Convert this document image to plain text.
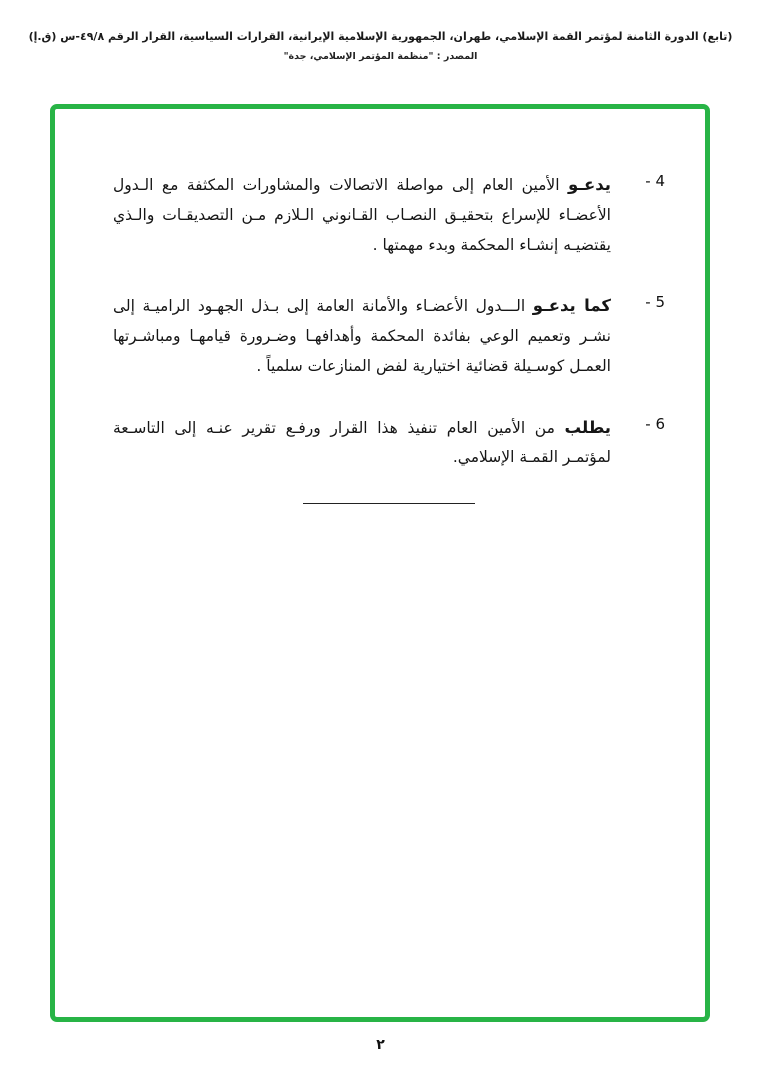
(تابع) الدورة الثامنة لمؤتمر القمة الإسلامي، طهران، الجمهورية الإسلامية الإيرانية، القرارات السياسية، القرار الرقم ٤٩/٨-س (ق.إ)
المصدر : "منظمة المؤتمر الإسلامي، جدة"
4 -

يدعـو الأمين العام إلى مواصلة الاتصالات والمشاورات المكثفة مع الـدول الأعضـاء للإسراع بتحقيـق النصـاب القـانوني الـلازم مـن التصديقـات والـذي يقتضيـه إنشـاء المحكمة وبدء مهمتها .

5 -

كما يدعـو الـــدول الأعضـاء والأمانة العامة إلى بـذل الجهـود الراميـة إلى نشـر وتعميم الوعي بفائدة المحكمة وأهدافهـا وضـرورة قيامهـا ومباشـرتها العمـل كوسـيلة قضائية اختيارية لفض المنازعات سلمياً .

6 -

يطلب من الأمين العام تنفيذ هذا القرار ورفـع تقرير عنـه إلى التاسـعة لمؤتمـر القمـة الإسلامي.

٢
